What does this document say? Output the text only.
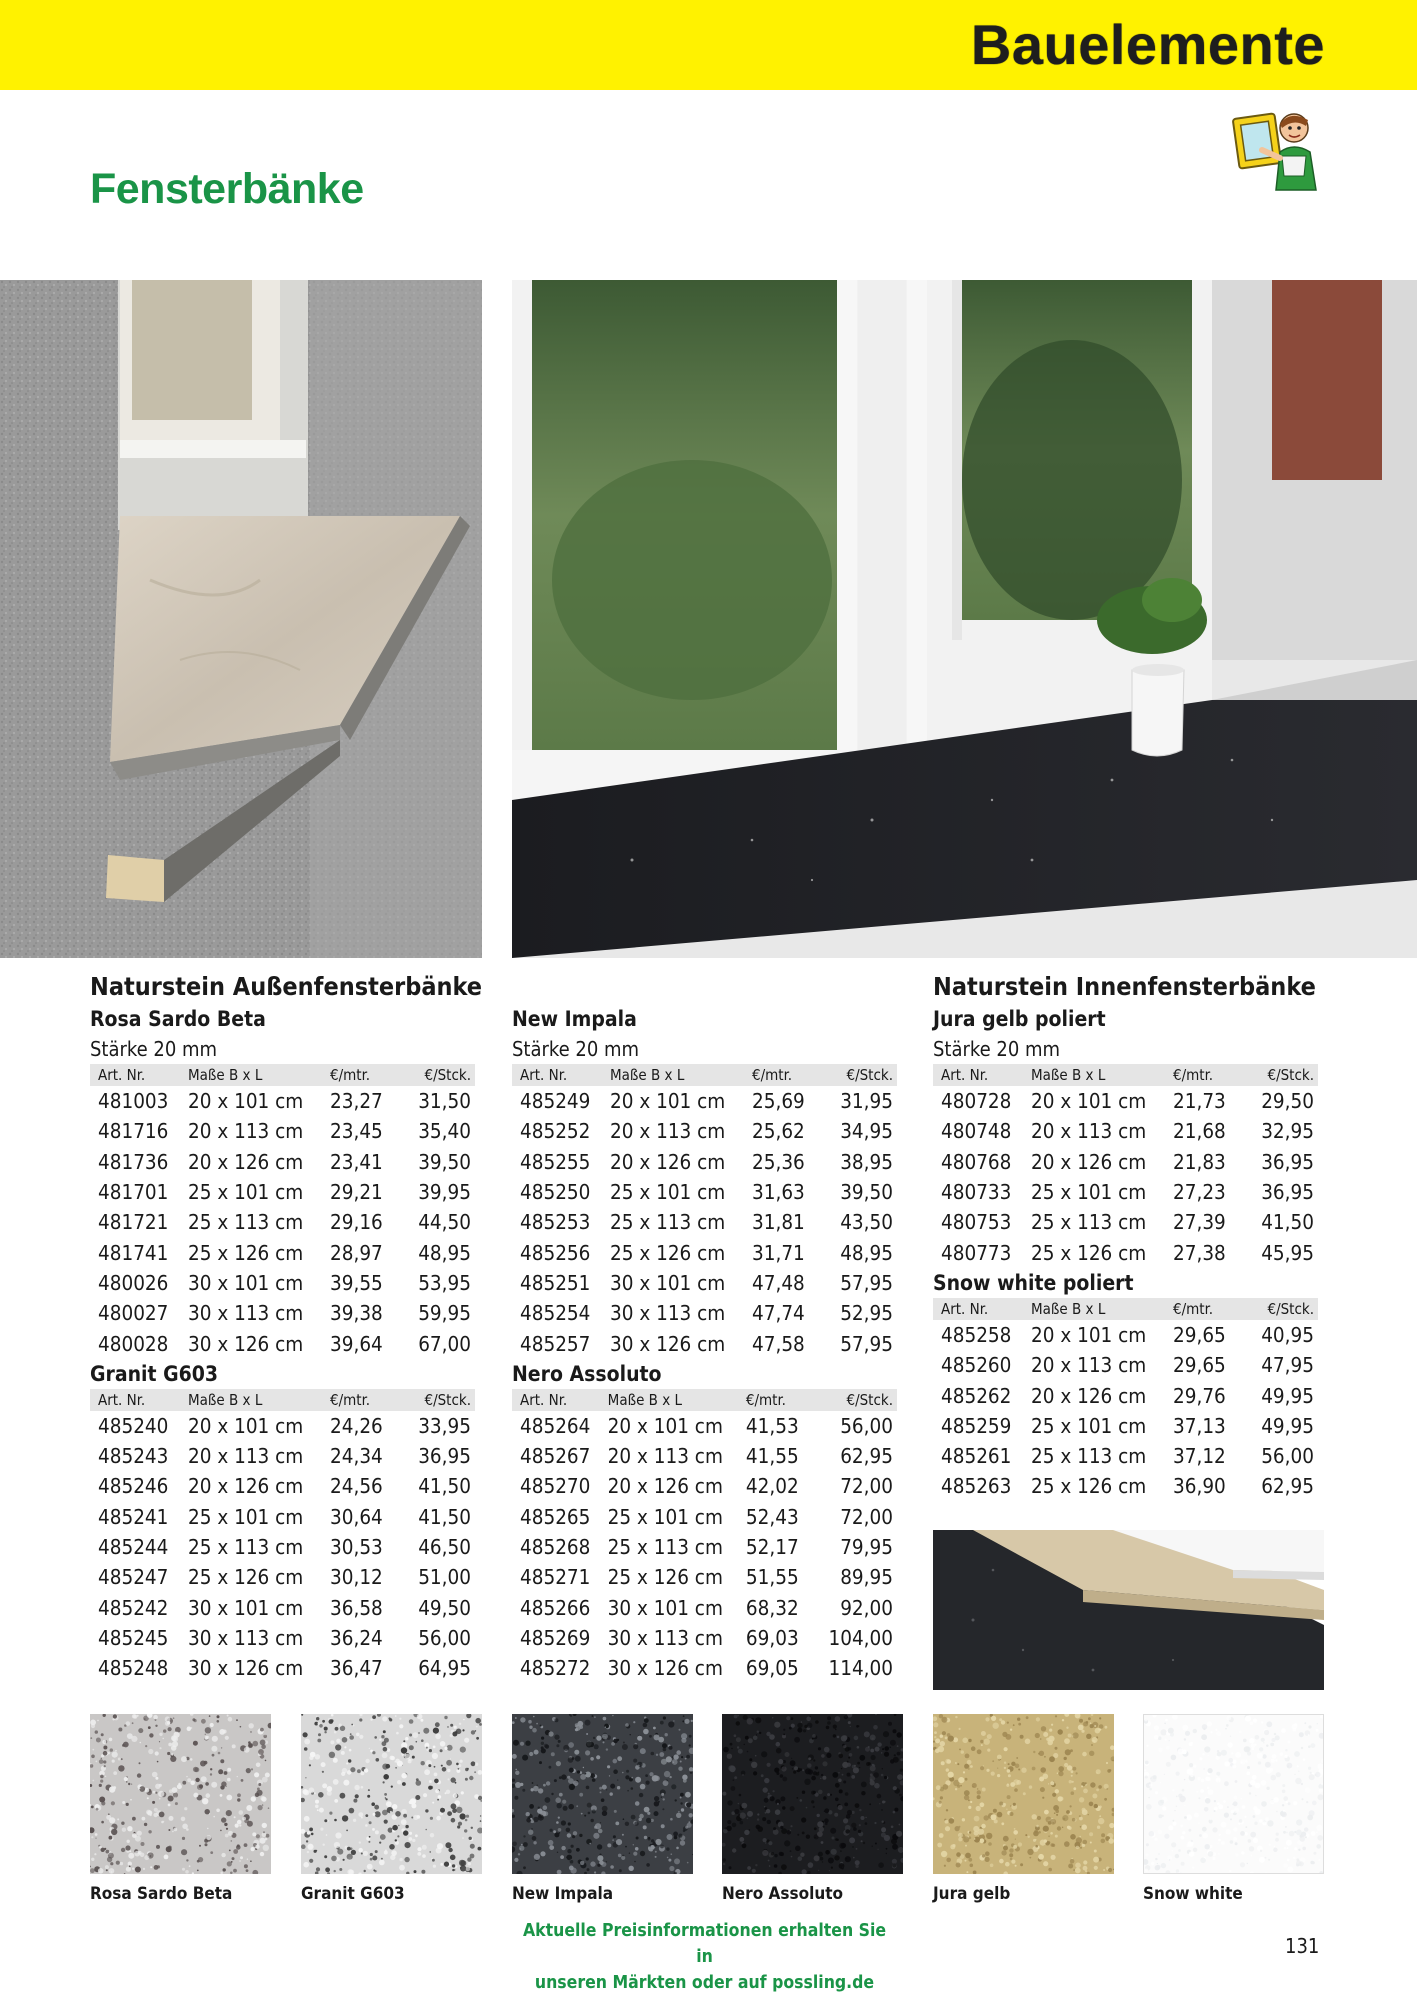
Bauelemente
Fensterbänke
Naturstein Außenfensterbänke
Rosa Sardo Beta
Stärke 20 mm
Art. Nr.	Maße B x L	€/mtr.	€/Stck.
481003	20 x 101 cm	23,27	31,50
481716	20 x 113 cm	23,45	35,40
481736	20 x 126 cm	23,41	39,50
481701	25 x 101 cm	29,21	39,95
481721	25 x 113 cm	29,16	44,50
481741	25 x 126 cm	28,97	48,95
480026	30 x 101 cm	39,55	53,95
480027	30 x 113 cm	39,38	59,95
480028	30 x 126 cm	39,64	67,00
Granit G603
Art. Nr.	Maße B x L	€/mtr.	€/Stck.
485240	20 x 101 cm	24,26	33,95
485243	20 x 113 cm	24,34	36,95
485246	20 x 126 cm	24,56	41,50
485241	25 x 101 cm	30,64	41,50
485244	25 x 113 cm	30,53	46,50
485247	25 x 126 cm	30,12	51,00
485242	30 x 101 cm	36,58	49,50
485245	30 x 113 cm	36,24	56,00
485248	30 x 126 cm	36,47	64,95
New Impala
Stärke 20 mm
Art. Nr.	Maße B x L	€/mtr.	€/Stck.
485249	20 x 101 cm	25,69	31,95
485252	20 x 113 cm	25,62	34,95
485255	20 x 126 cm	25,36	38,95
485250	25 x 101 cm	31,63	39,50
485253	25 x 113 cm	31,81	43,50
485256	25 x 126 cm	31,71	48,95
485251	30 x 101 cm	47,48	57,95
485254	30 x 113 cm	47,74	52,95
485257	30 x 126 cm	47,58	57,95
Nero Assoluto
Art. Nr.	Maße B x L	€/mtr.	€/Stck.
485264	20 x 101 cm	41,53	56,00
485267	20 x 113 cm	41,55	62,95
485270	20 x 126 cm	42,02	72,00
485265	25 x 101 cm	52,43	72,00
485268	25 x 113 cm	52,17	79,95
485271	25 x 126 cm	51,55	89,95
485266	30 x 101 cm	68,32	92,00
485269	30 x 113 cm	69,03	104,00
485272	30 x 126 cm	69,05	114,00
Naturstein Innenfensterbänke
Jura gelb poliert
Stärke 20 mm
Art. Nr.	Maße B x L	€/mtr.	€/Stck.
480728	20 x 101 cm	21,73	29,50
480748	20 x 113 cm	21,68	32,95
480768	20 x 126 cm	21,83	36,95
480733	25 x 101 cm	27,23	36,95
480753	25 x 113 cm	27,39	41,50
480773	25 x 126 cm	27,38	45,95
Snow white poliert
Art. Nr.	Maße B x L	€/mtr.	€/Stck.
485258	20 x 101 cm	29,65	40,95
485260	20 x 113 cm	29,65	47,95
485262	20 x 126 cm	29,76	49,95
485259	25 x 101 cm	37,13	49,95
485261	25 x 113 cm	37,12	56,00
485263	25 x 126 cm	36,90	62,95
Rosa Sardo Beta	Granit G603	New Impala	Nero Assoluto	Jura gelb	Snow white
Aktuelle Preisinformationen erhalten Sie in
unseren Märkten oder auf possling.de
131
